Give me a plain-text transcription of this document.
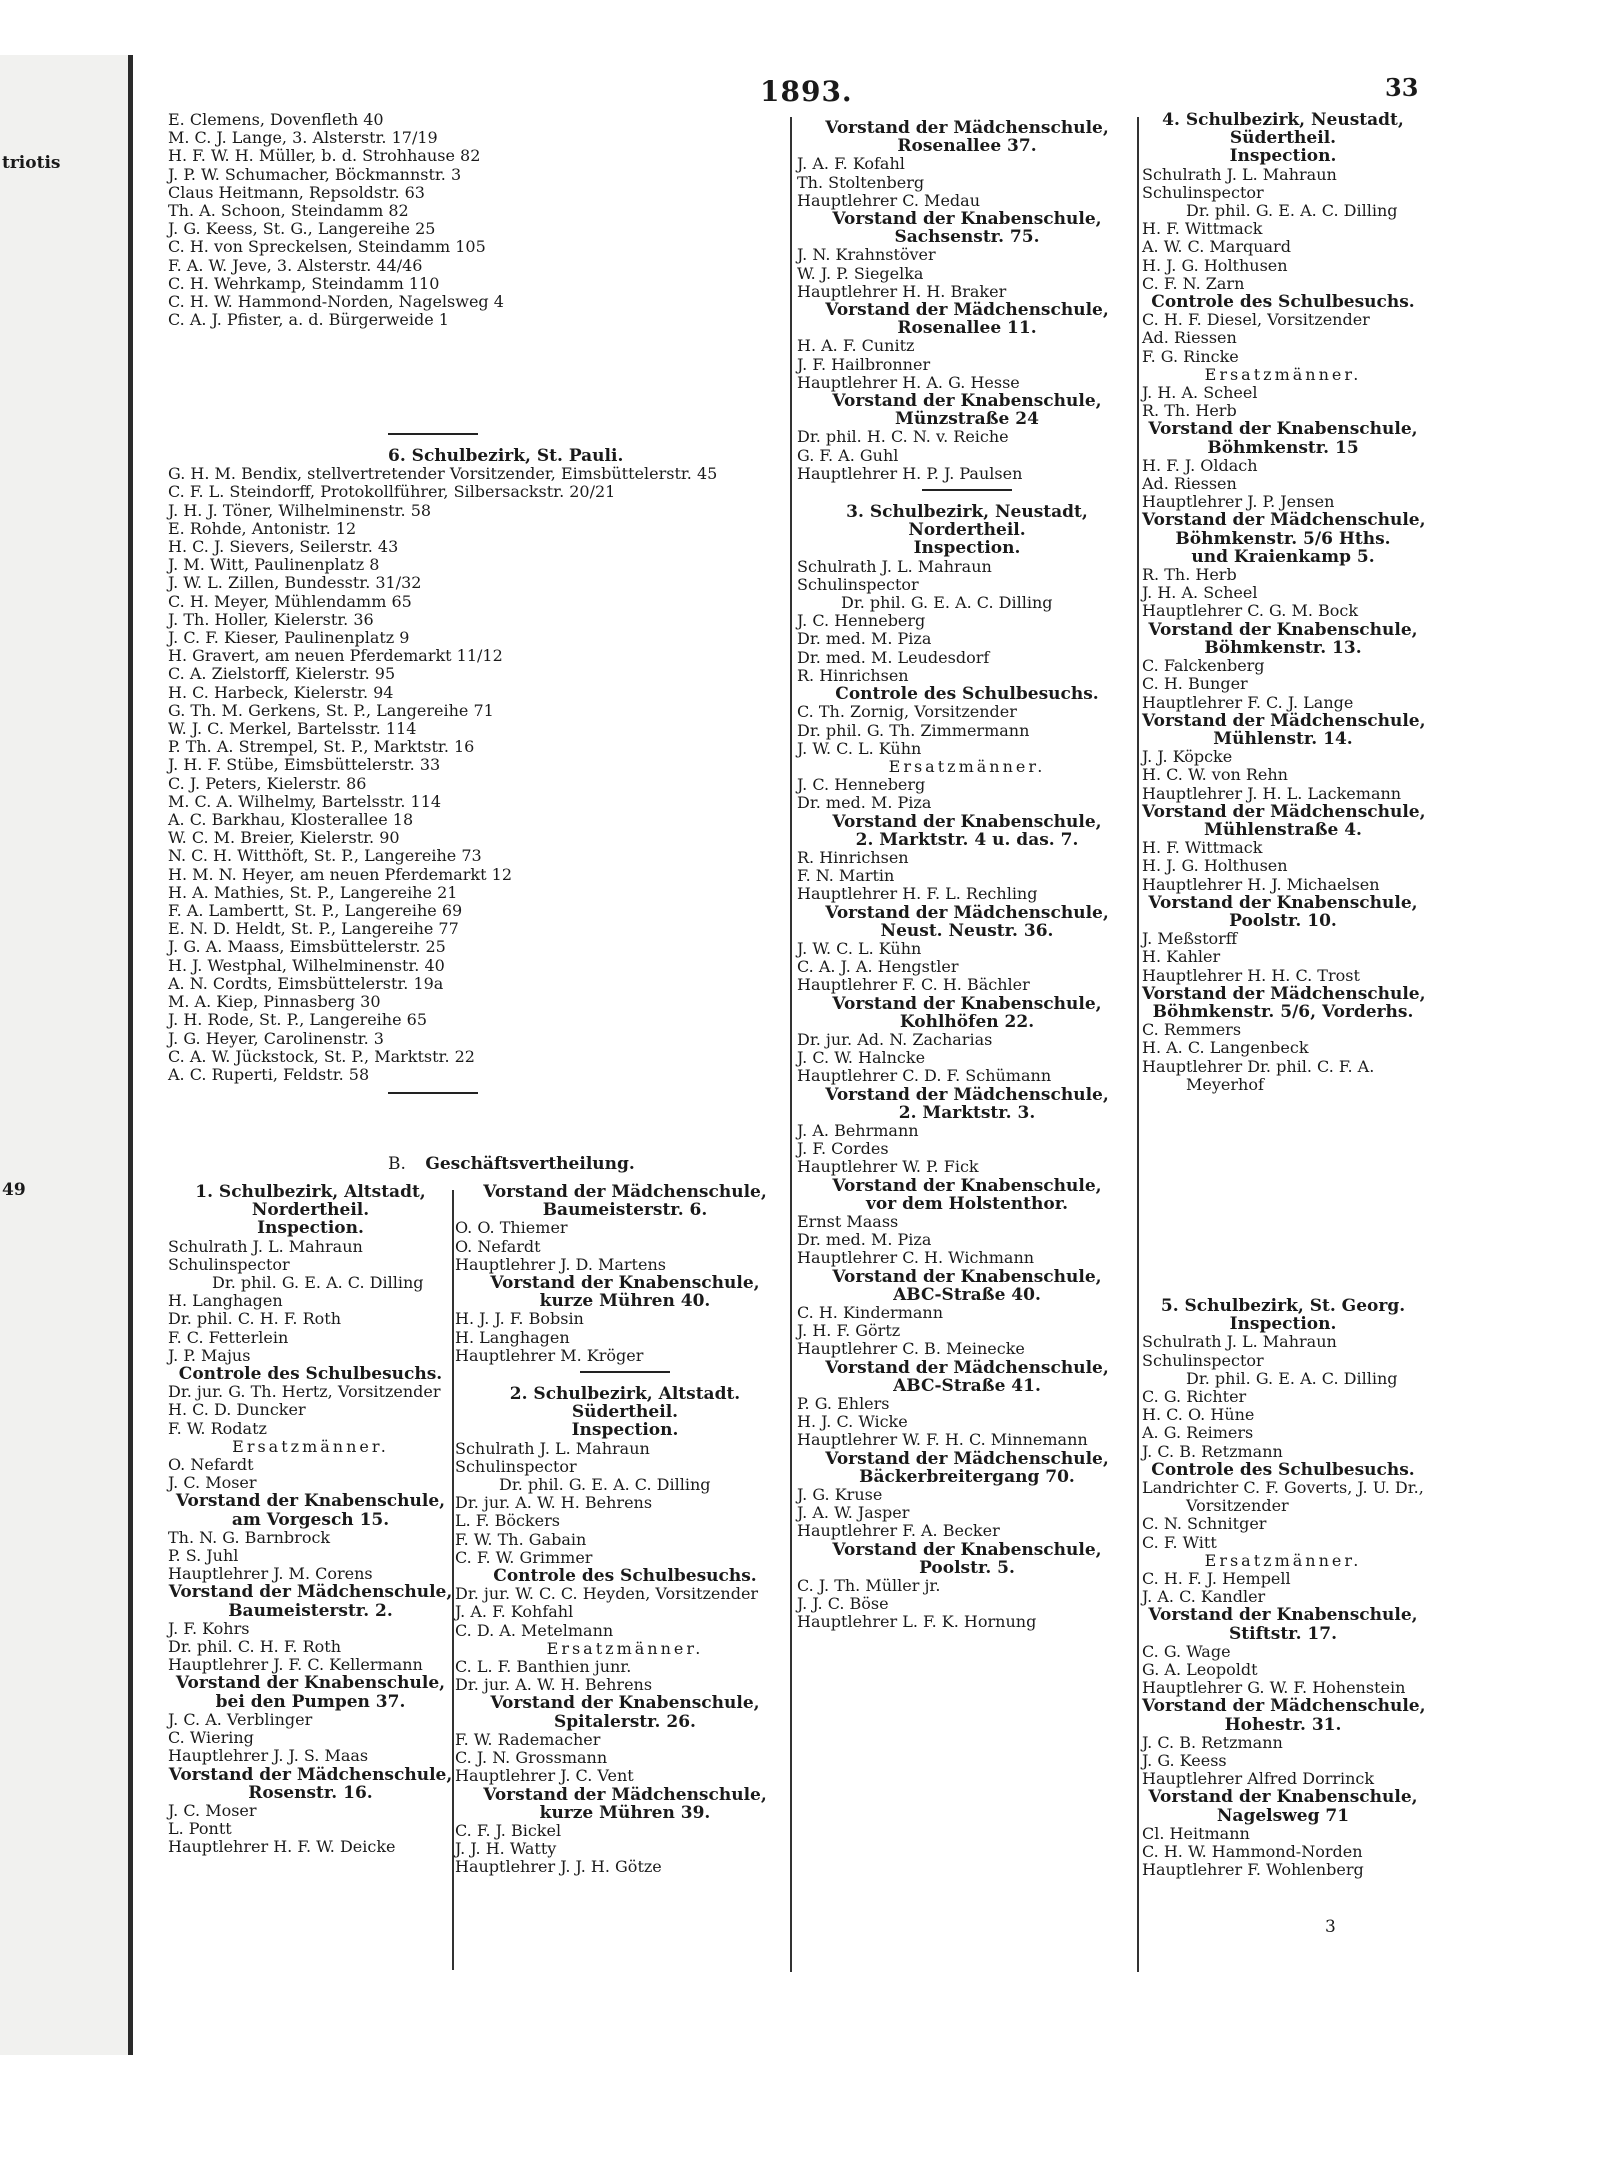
triotis
49
1893.	33
E. Clemens, Dovenfleth 40
M. C. J. Lange, 3. Alsterstr. 17/19
H. F. W. H. Müller, b. d. Strohhause 82
J. P. W. Schumacher, Böckmannstr. 3
Claus Heitmann, Repsoldstr. 63
Th. A. Schoon, Steindamm 82
J. G. Keess, St. G., Langereihe 25
C. H. von Spreckelsen, Steindamm 105
F. A. W. Jeve, 3. Alsterstr. 44/46
C. H. Wehrkamp, Steindamm 110
C. H. W. Hammond-Norden, Nagelsweg 4
C. A. J. Pfister, a. d. Bürgerweide 1
6. Schulbezirk, St. Pauli.
G. H. M. Bendix, stellvertretender Vorsitzender, Eimsbüttelerstr. 45
C. F. L. Steindorff, Protokollführer, Silbersackstr. 20/21
J. H. J. Töner, Wilhelminenstr. 58
E. Rohde, Antonistr. 12
H. C. J. Sievers, Seilerstr. 43
J. M. Witt, Paulinenplatz 8
J. W. L. Zillen, Bundesstr. 31/32
C. H. Meyer, Mühlendamm 65
J. Th. Holler, Kielerstr. 36
J. C. F. Kieser, Paulinenplatz 9
H. Gravert, am neuen Pferdemarkt 11/12
C. A. Zielstorff, Kielerstr. 95
H. C. Harbeck, Kielerstr. 94
G. Th. M. Gerkens, St. P., Langereihe 71
W. J. C. Merkel, Bartelsstr. 114
P. Th. A. Strempel, St. P., Marktstr. 16
J. H. F. Stübe, Eimsbüttelerstr. 33
C. J. Peters, Kielerstr. 86
M. C. A. Wilhelmy, Bartelsstr. 114
A. C. Barkhau, Klosterallee 18
W. C. M. Breier, Kielerstr. 90
N. C. H. Witthöft, St. P., Langereihe 73
H. M. N. Heyer, am neuen Pferdemarkt 12
H. A. Mathies, St. P., Langereihe 21
F. A. Lambertt, St. P., Langereihe 69
E. N. D. Heldt, St. P., Langereihe 77
J. G. A. Maass, Eimsbüttelerstr. 25
H. J. Westphal, Wilhelminenstr. 40
A. N. Cordts, Eimsbüttelerstr. 19a
M. A. Kiep, Pinnasberg 30
J. H. Rode, St. P., Langereihe 65
J. G. Heyer, Carolinenstr. 3
C. A. W. Jückstock, St. P., Marktstr. 22
A. C. Ruperti, Feldstr. 58
B. Geschäftsvertheilung.
1. Schulbezirk, Altstadt,
Nordertheil.
Inspection.
Schulrath J. L. Mahraun
Schulinspector
Dr. phil. G. E. A. C. Dilling
H. Langhagen
Dr. phil. C. H. F. Roth
F. C. Fetterlein
J. P. Majus
Controle des Schulbesuchs.
Dr. jur. G. Th. Hertz, Vorsitzender
H. C. D. Duncker
F. W. Rodatz
Ersatzmänner.
O. Nefardt
J. C. Moser
Vorstand der Knabenschule,
am Vorgesch 15.
Th. N. G. Barnbrock
P. S. Juhl
Hauptlehrer J. M. Corens
Vorstand der Mädchenschule,
Baumeisterstr. 2.
J. F. Kohrs
Dr. phil. C. H. F. Roth
Hauptlehrer J. F. C. Kellermann
Vorstand der Knabenschule,
bei den Pumpen 37.
J. C. A. Verblinger
C. Wiering
Hauptlehrer J. J. S. Maas
Vorstand der Mädchenschule,
Rosenstr. 16.
J. C. Moser
L. Pontt
Hauptlehrer H. F. W. Deicke
Vorstand der Mädchenschule,
Baumeisterstr. 6.
O. O. Thiemer
O. Nefardt
Hauptlehrer J. D. Martens
Vorstand der Knabenschule,
kurze Mühren 40.
H. J. J. F. Bobsin
H. Langhagen
Hauptlehrer M. Kröger
2. Schulbezirk, Altstadt.
Südertheil.
Inspection.
Schulrath J. L. Mahraun
Schulinspector
Dr. phil. G. E. A. C. Dilling
Dr. jur. A. W. H. Behrens
L. F. Böckers
F. W. Th. Gabain
C. F. W. Grimmer
Controle des Schulbesuchs.
Dr. jur. W. C. C. Heyden, Vorsitzender
J. A. F. Kohfahl
C. D. A. Metelmann
Ersatzmänner.
C. L. F. Banthien junr.
Dr. jur. A. W. H. Behrens
Vorstand der Knabenschule,
Spitalerstr. 26.
F. W. Rademacher
C. J. N. Grossmann
Hauptlehrer J. C. Vent
Vorstand der Mädchenschule,
kurze Mühren 39.
C. F. J. Bickel
J. J. H. Watty
Hauptlehrer J. J. H. Götze
Vorstand der Mädchenschule,
Rosenallee 37.
J. A. F. Kofahl
Th. Stoltenberg
Hauptlehrer C. Medau
Vorstand der Knabenschule,
Sachsenstr. 75.
J. N. Krahnstöver
W. J. P. Siegelka
Hauptlehrer H. H. Braker
Vorstand der Mädchenschule,
Rosenallee 11.
H. A. F. Cunitz
J. F. Hailbronner
Hauptlehrer H. A. G. Hesse
Vorstand der Knabenschule,
Münzstraße 24
Dr. phil. H. C. N. v. Reiche
G. F. A. Guhl
Hauptlehrer H. P. J. Paulsen
3. Schulbezirk, Neustadt,
Nordertheil.
Inspection.
Schulrath J. L. Mahraun
Schulinspector
Dr. phil. G. E. A. C. Dilling
J. C. Henneberg
Dr. med. M. Piza
Dr. med. M. Leudesdorf
R. Hinrichsen
Controle des Schulbesuchs.
C. Th. Zornig, Vorsitzender
Dr. phil. G. Th. Zimmermann
J. W. C. L. Kühn
Ersatzmänner.
J. C. Henneberg
Dr. med. M. Piza
Vorstand der Knabenschule,
2. Marktstr. 4 u. das. 7.
R. Hinrichsen
F. N. Martin
Hauptlehrer H. F. L. Rechling
Vorstand der Mädchenschule,
Neust. Neustr. 36.
J. W. C. L. Kühn
C. A. J. A. Hengstler
Hauptlehrer F. C. H. Bächler
Vorstand der Knabenschule,
Kohlhöfen 22.
Dr. jur. Ad. N. Zacharias
J. C. W. Halncke
Hauptlehrer C. D. F. Schümann
Vorstand der Mädchenschule,
2. Marktstr. 3.
J. A. Behrmann
J. F. Cordes
Hauptlehrer W. P. Fick
Vorstand der Knabenschule,
vor dem Holstenthor.
Ernst Maass
Dr. med. M. Piza
Hauptlehrer C. H. Wichmann
Vorstand der Knabenschule,
ABC-Straße 40.
C. H. Kindermann
J. H. F. Görtz
Hauptlehrer C. B. Meinecke
Vorstand der Mädchenschule,
ABC-Straße 41.
P. G. Ehlers
H. J. C. Wicke
Hauptlehrer W. F. H. C. Minnemann
Vorstand der Mädchenschule,
Bäckerbreitergang 70.
J. G. Kruse
J. A. W. Jasper
Hauptlehrer F. A. Becker
Vorstand der Knabenschule,
Poolstr. 5.
C. J. Th. Müller jr.
J. J. C. Böse
Hauptlehrer L. F. K. Hornung
4. Schulbezirk, Neustadt,
Südertheil.
Inspection.
Schulrath J. L. Mahraun
Schulinspector
Dr. phil. G. E. A. C. Dilling
H. F. Wittmack
A. W. C. Marquard
H. J. G. Holthusen
C. F. N. Zarn
Controle des Schulbesuchs.
C. H. F. Diesel, Vorsitzender
Ad. Riessen
F. G. Rincke
Ersatzmänner.
J. H. A. Scheel
R. Th. Herb
Vorstand der Knabenschule,
Böhmkenstr. 15
H. F. J. Oldach
Ad. Riessen
Hauptlehrer J. P. Jensen
Vorstand der Mädchenschule,
Böhmkenstr. 5/6 Hths.
und Kraienkamp 5.
R. Th. Herb
J. H. A. Scheel
Hauptlehrer C. G. M. Bock
Vorstand der Knabenschule,
Böhmkenstr. 13.
C. Falckenberg
C. H. Bunger
Hauptlehrer F. C. J. Lange
Vorstand der Mädchenschule,
Mühlenstr. 14.
J. J. Köpcke
H. C. W. von Rehn
Hauptlehrer J. H. L. Lackemann
Vorstand der Mädchenschule,
Mühlenstraße 4.
H. F. Wittmack
H. J. G. Holthusen
Hauptlehrer H. J. Michaelsen
Vorstand der Knabenschule,
Poolstr. 10.
J. Meßstorff
H. Kahler
Hauptlehrer H. H. C. Trost
Vorstand der Mädchenschule,
Böhmkenstr. 5/6, Vorderhs.
C. Remmers
H. A. C. Langenbeck
Hauptlehrer Dr. phil. C. F. A.
Meyerhof
5. Schulbezirk, St. Georg.
Inspection.
Schulrath J. L. Mahraun
Schulinspector
Dr. phil. G. E. A. C. Dilling
C. G. Richter
H. C. O. Hüne
A. G. Reimers
J. C. B. Retzmann
Controle des Schulbesuchs.
Landrichter C. F. Goverts, J. U. Dr.,
Vorsitzender
C. N. Schnitger
C. F. Witt
Ersatzmänner.
C. H. F. J. Hempell
J. A. C. Kandler
Vorstand der Knabenschule,
Stiftstr. 17.
C. G. Wage
G. A. Leopoldt
Hauptlehrer G. W. F. Hohenstein
Vorstand der Mädchenschule,
Hohestr. 31.
J. C. B. Retzmann
J. G. Keess
Hauptlehrer Alfred Dorrinck
Vorstand der Knabenschule,
Nagelsweg 71
Cl. Heitmann
C. H. W. Hammond-Norden
Hauptlehrer F. Wohlenberg
3
